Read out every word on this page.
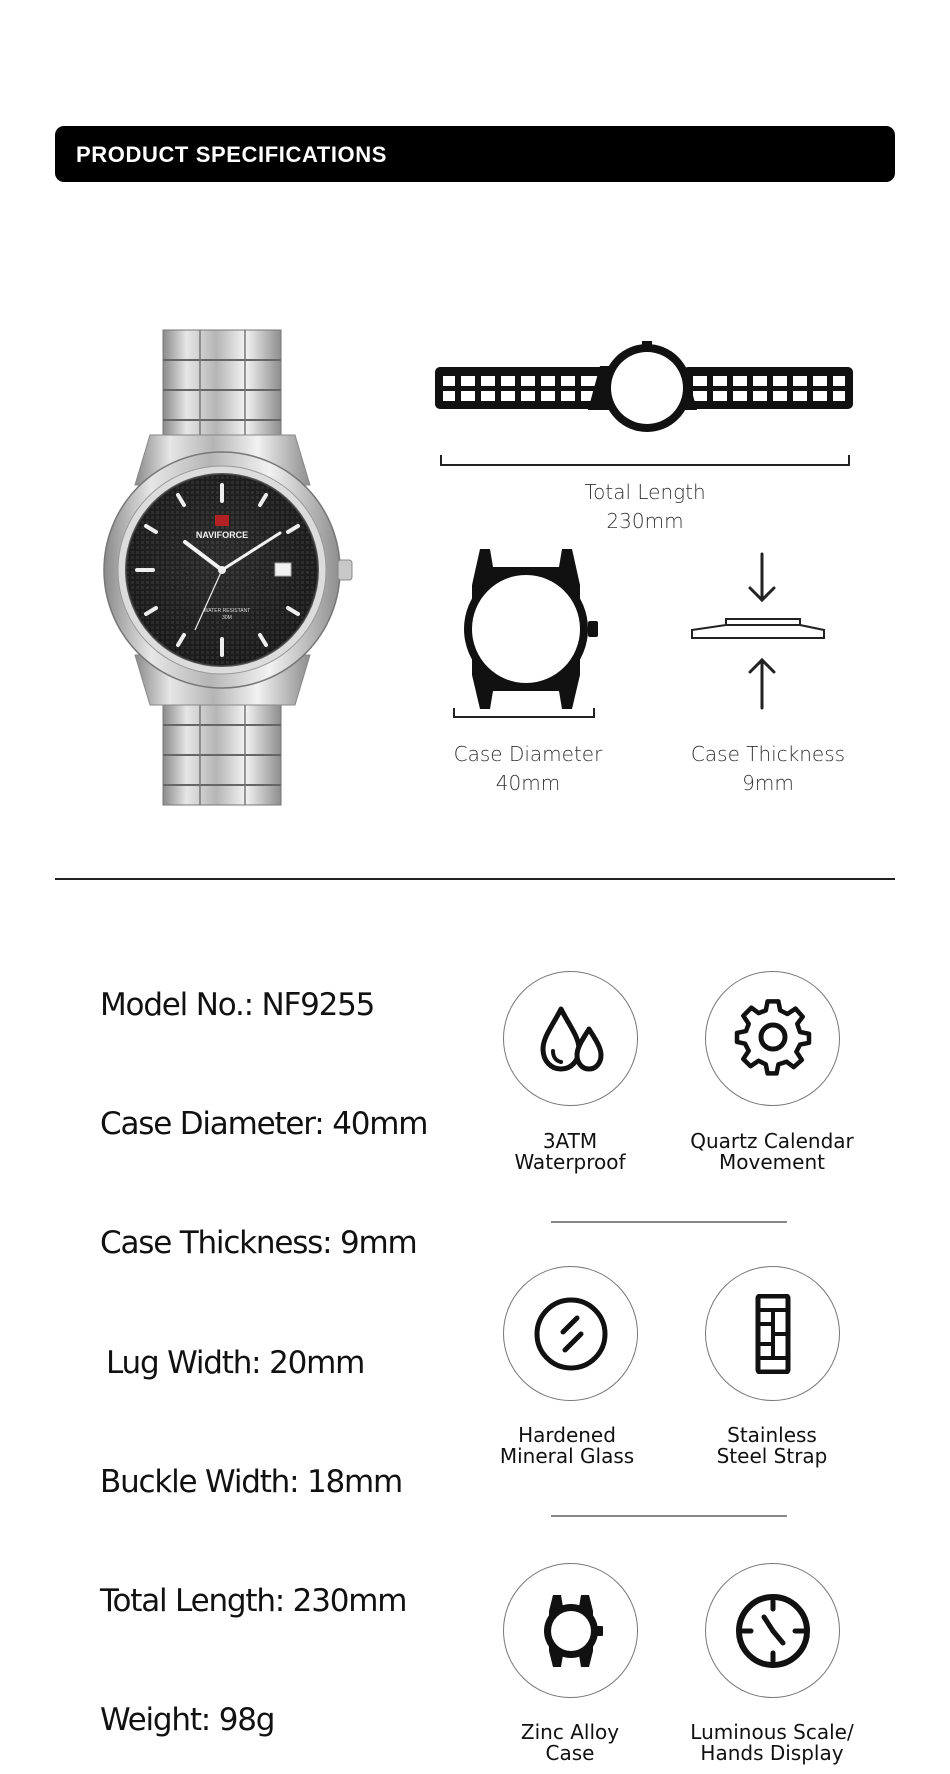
PRODUCT SPECIFICATIONS
NAVIFORCE
WATER RESISTANT
30M
Total Length
230mm
Case Diameter
40mm
Case Thickness
9mm
Model No.: NF9255
Case Diameter: 40mm
Case Thickness: 9mm
Lug Width: 20mm
Buckle Width: 18mm
Total Length: 230mm
Weight: 98g
3ATM
Waterproof
Quartz Calendar
Movement
Hardened
Mineral Glass
Stainless
Steel Strap
Zinc Alloy
Case
Luminous Scale/
Hands Display
